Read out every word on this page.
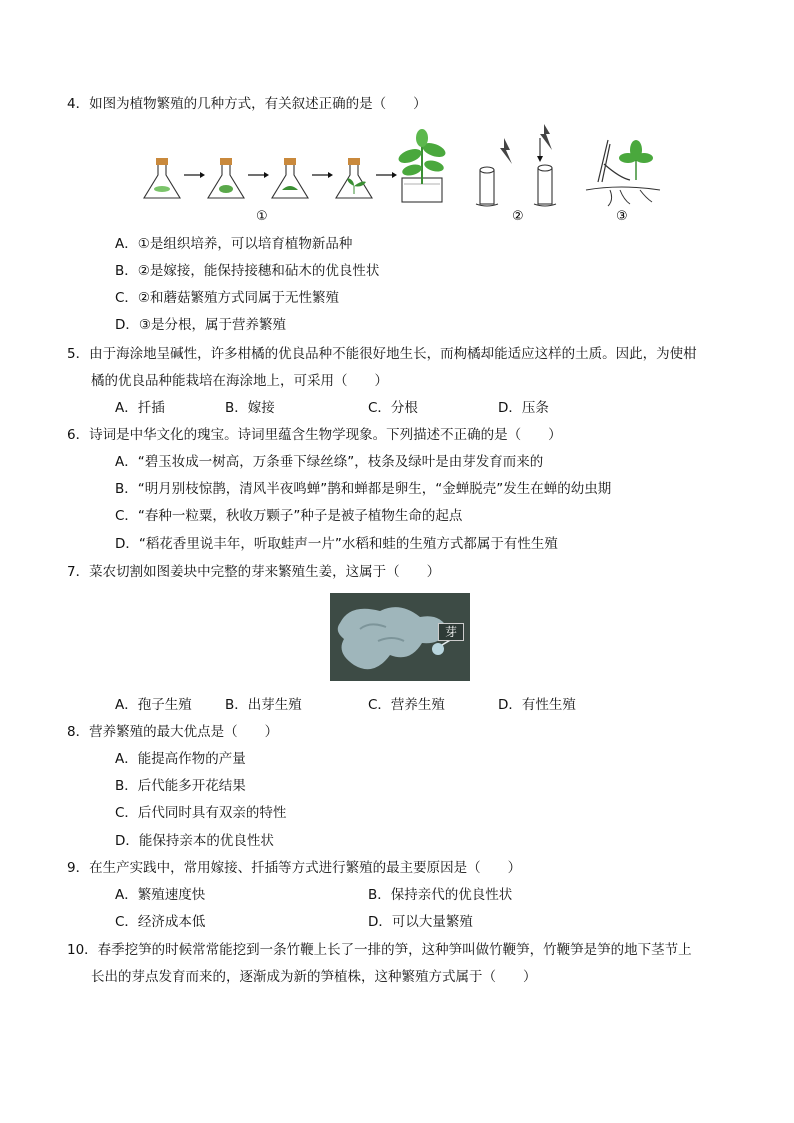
4．如图为植物繁殖的几种方式，有关叙述正确的是（　　）
①	②	③
A．①是组织培养，可以培育植物新品种
B．②是嫁接，能保持接穗和砧木的优良性状
C．②和蘑菇繁殖方式同属于无性繁殖
D．③是分根，属于营养繁殖
5．由于海涂地呈碱性，许多柑橘的优良品种不能很好地生长，而枸橘却能适应这样的土质。因此，为使柑
橘的优良品种能栽培在海涂地上，可采用（　　）
A．扦插	B．嫁接	C．分根	D．压条
6．诗词是中华文化的瑰宝。诗词里蕴含生物学现象。下列描述不正确的是（　　）
A．“碧玉妆成一树高，万条垂下绿丝绦”，枝条及绿叶是由芽发育而来的
B．“明月别枝惊鹊，清风半夜鸣蝉”鹊和蝉都是卵生，“金蝉脱壳”发生在蝉的幼虫期
C．“春种一粒粟，秋收万颗子”种子是被子植物生命的起点
D．“稻花香里说丰年，听取蛙声一片”水稻和蛙的生殖方式都属于有性生殖
7．菜农切割如图姜块中完整的芽来繁殖生姜，这属于（　　）
芽
A．孢子生殖 B．出芽生殖	C．营养生殖	D．有性生殖
8．营养繁殖的最大优点是（　　）
A．能提高作物的产量
B．后代能多开花结果
C．后代同时具有双亲的特性
D．能保持亲本的优良性状
9．在生产实践中，常用嫁接、扦插等方式进行繁殖的最主要原因是（　　）
A．繁殖速度快	B．保持亲代的优良性状
C．经济成本低	D．可以大量繁殖
10．春季挖笋的时候常常能挖到一条竹鞭上长了一排的笋，这种笋叫做竹鞭笋，竹鞭笋是笋的地下茎节上
长出的芽点发育而来的，逐渐成为新的笋植株，这种繁殖方式属于（　　）
